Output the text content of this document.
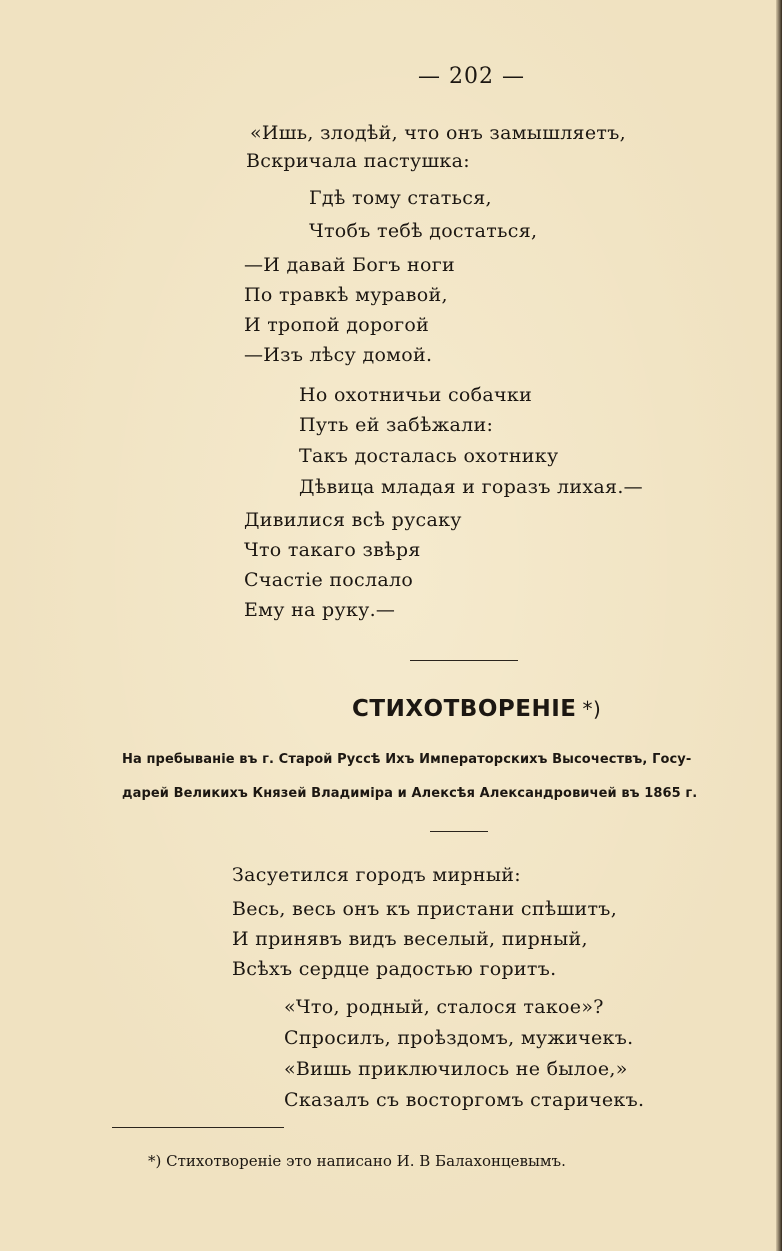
— 202 —
«Ишь, злодѣй, что онъ замышляетъ,
Вскричала пастушка:
Гдѣ тому статься,
Чтобъ тебѣ достаться,
—И давай Богъ ноги
По травкѣ муравой,
И тропой дорогой
—Изъ лѣсу домой.
Но охотничьи собачки
Путь ей забѣжали:
Такъ досталась охотнику
Дѣвица младая и горазъ лихая.—
Дивилися всѣ русаку
Что такаго звѣря
Счастіе послало
Ему на руку.—
СТИХОТВОРЕНІЕ *)
На пребываніе въ г. Старой Руссѣ Ихъ Императорскихъ Высочествъ, Госу-
дарей Великихъ Князей Владиміра и Алексѣя Александровичей въ 1865 г.
Засуетился городъ мирный:
Весь, весь онъ къ пристани спѣшитъ,
И принявъ видъ веселый, пирный,
Всѣхъ сердце радостью горитъ.
«Что, родный, сталося такое»?
Спросилъ, проѣздомъ, мужичекъ.
«Вишь приключилось не былое,»
Сказалъ съ восторгомъ старичекъ.
*) Стихотвореніе это написано И. В Балахонцевымъ.
